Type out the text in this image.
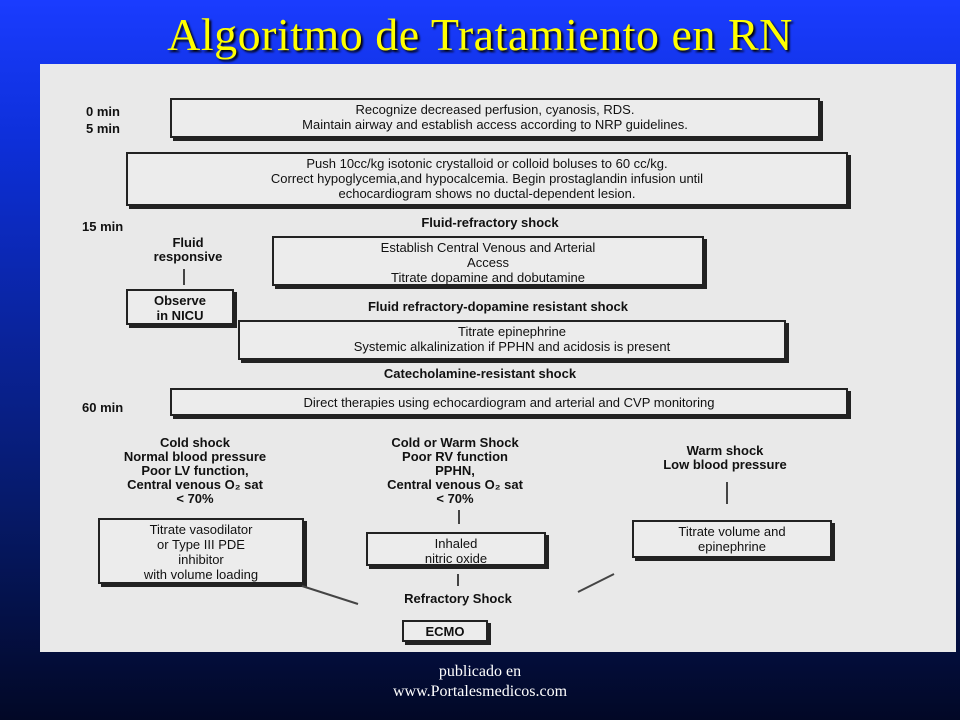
Algoritmo de Tratamiento en RN
0 min
5 min
15 min
60 min
Recognize decreased perfusion, cyanosis, RDS.
Maintain airway and establish access according to NRP guidelines.
Push 10cc/kg isotonic crystalloid or colloid boluses to 60 cc/kg.
Correct hypoglycemia,and hypocalcemia. Begin prostaglandin infusion until
echocardiogram shows no ductal-dependent lesion.
Fluid-refractory shock
Fluid
responsive
Establish Central Venous and Arterial
Access
Titrate dopamine and dobutamine
Observe
in NICU
Fluid refractory-dopamine resistant shock
Titrate epinephrine
Systemic alkalinization if PPHN and acidosis is present
Catecholamine-resistant shock
Direct therapies using echocardiogram and arterial and CVP monitoring
Cold shock
Normal blood pressure
Poor LV function,
Central venous O₂ sat
< 70%
Cold or Warm Shock
Poor RV function
PPHN,
Central venous O₂ sat
< 70%
Warm shock
Low blood pressure
Titrate vasodilator
or Type III PDE
inhibitor
with volume loading
Inhaled
nitric oxide
Titrate volume and
epinephrine
Refractory Shock
ECMO
publicado en
www.Portalesmedicos.com
